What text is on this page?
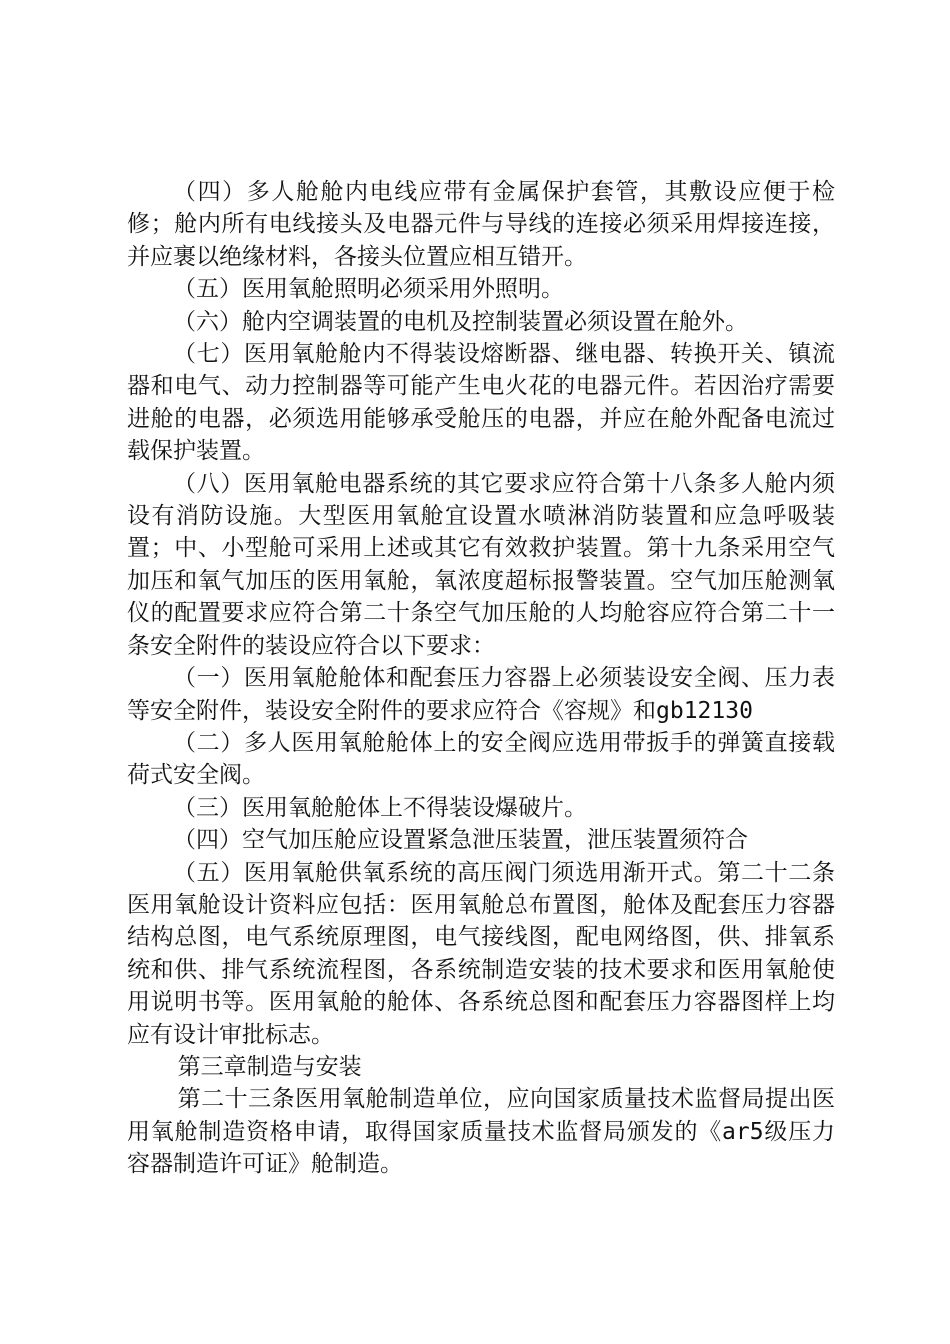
（四）多人舱舱内电线应带有金属保护套管，其敷设应便于检修；舱内所有电线接头及电器元件与导线的连接必须采用焊接连接，并应裹以绝缘材料，各接头位置应相互错开。

（五）医用氧舱照明必须采用外照明。

（六）舱内空调装置的电机及控制装置必须设置在舱外。

（七）医用氧舱舱内不得装设熔断器、继电器、转换开关、镇流器和电气、动力控制器等可能产生电火花的电器元件。若因治疗需要进舱的电器，必须选用能够承受舱压的电器，并应在舱外配备电流过载保护装置。

（八）医用氧舱电器系统的其它要求应符合第十八条多人舱内须设有消防设施。大型医用氧舱宜设置水喷淋消防装置和应急呼吸装置；中、小型舱可采用上述或其它有效救护装置。第十九条采用空气加压和氧气加压的医用氧舱，氧浓度超标报警装置。空气加压舱测氧仪的配置要求应符合第二十条空气加压舱的人均舱容应符合第二十一条安全附件的装设应符合以下要求：

（一）医用氧舱舱体和配套压力容器上必须装设安全阀、压力表等安全附件，装设安全附件的要求应符合《容规》和gb12130

（二）多人医用氧舱舱体上的安全阀应选用带扳手的弹簧直接载荷式安全阀。

（三）医用氧舱舱体上不得装设爆破片。

（四）空气加压舱应设置紧急泄压装置，泄压装置须符合

（五）医用氧舱供氧系统的高压阀门须选用渐开式。第二十二条医用氧舱设计资料应包括：医用氧舱总布置图，舱体及配套压力容器结构总图，电气系统原理图，电气接线图，配电网络图，供、排氧系统和供、排气系统流程图，各系统制造安装的技术要求和医用氧舱使用说明书等。医用氧舱的舱体、各系统总图和配套压力容器图样上均应有设计审批标志。

第三章制造与安装

第二十三条医用氧舱制造单位，应向国家质量技术监督局提出医用氧舱制造资格申请，取得国家质量技术监督局颁发的《ar5级压力容器制造许可证》舱制造。
